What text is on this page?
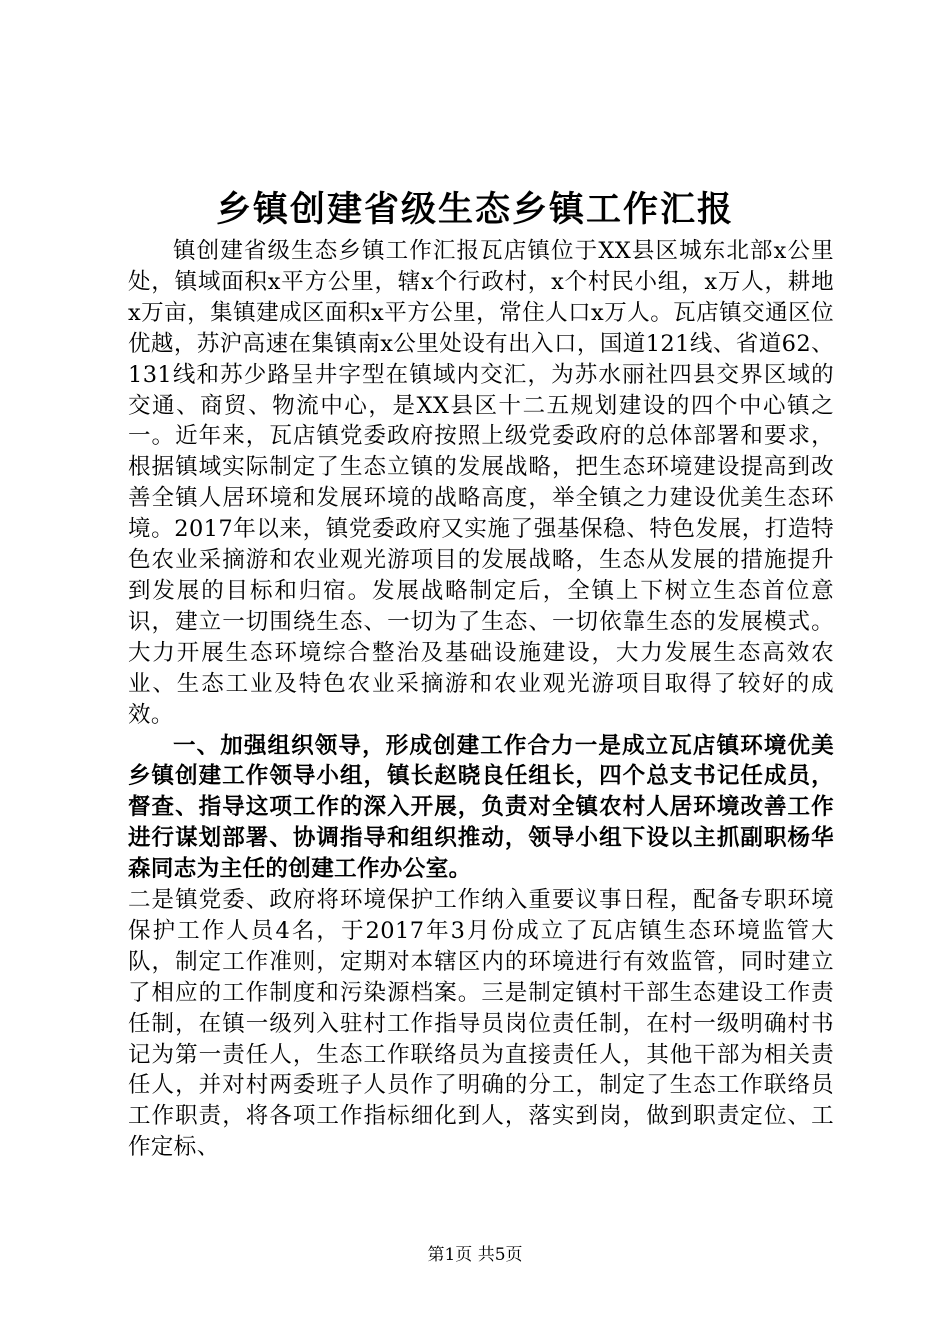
乡镇创建省级生态乡镇工作汇报

镇创建省级生态乡镇工作汇报瓦店镇位于XX县区城东北部x公里处，镇域面积x平方公里，辖x个行政村，x个村民小组，x万人，耕地x万亩，集镇建成区面积x平方公里，常住人口x万人。瓦店镇交通区位优越，苏沪高速在集镇南x公里处设有出入口，国道121线、省道62、131线和苏少路呈井字型在镇域内交汇，为苏水丽社四县交界区域的交通、商贸、物流中心，是XX县区十二五规划建设的四个中心镇之一。近年来，瓦店镇党委政府按照上级党委政府的总体部署和要求，根据镇域实际制定了生态立镇的发展战略，把生态环境建设提高到改善全镇人居环境和发展环境的战略高度，举全镇之力建设优美生态环境。2017年以来，镇党委政府又实施了强基保稳、特色发展，打造特色农业采摘游和农业观光游项目的发展战略，生态从发展的措施提升到发展的目标和归宿。发展战略制定后，全镇上下树立生态首位意识，建立一切围绕生态、一切为了生态、一切依靠生态的发展模式。大力开展生态环境综合整治及基础设施建设，大力发展生态高效农业、生态工业及特色农业采摘游和农业观光游项目取得了较好的成效。

一、加强组织领导，形成创建工作合力一是成立瓦店镇环境优美乡镇创建工作领导小组，镇长赵晓良任组长，四个总支书记任成员，督查、指导这项工作的深入开展，负责对全镇农村人居环境改善工作进行谋划部署、协调指导和组织推动，领导小组下设以主抓副职杨华森同志为主任的创建工作办公室。

二是镇党委、政府将环境保护工作纳入重要议事日程，配备专职环境保护工作人员4名，于2017年3月份成立了瓦店镇生态环境监管大队，制定工作准则，定期对本辖区内的环境进行有效监管，同时建立了相应的工作制度和污染源档案。三是制定镇村干部生态建设工作责任制，在镇一级列入驻村工作指导员岗位责任制，在村一级明确村书记为第一责任人，生态工作联络员为直接责任人，其他干部为相关责任人，并对村两委班子人员作了明确的分工，制定了生态工作联络员工作职责，将各项工作指标细化到人，落实到岗，做到职责定位、工作定标、

第1页 共5页
